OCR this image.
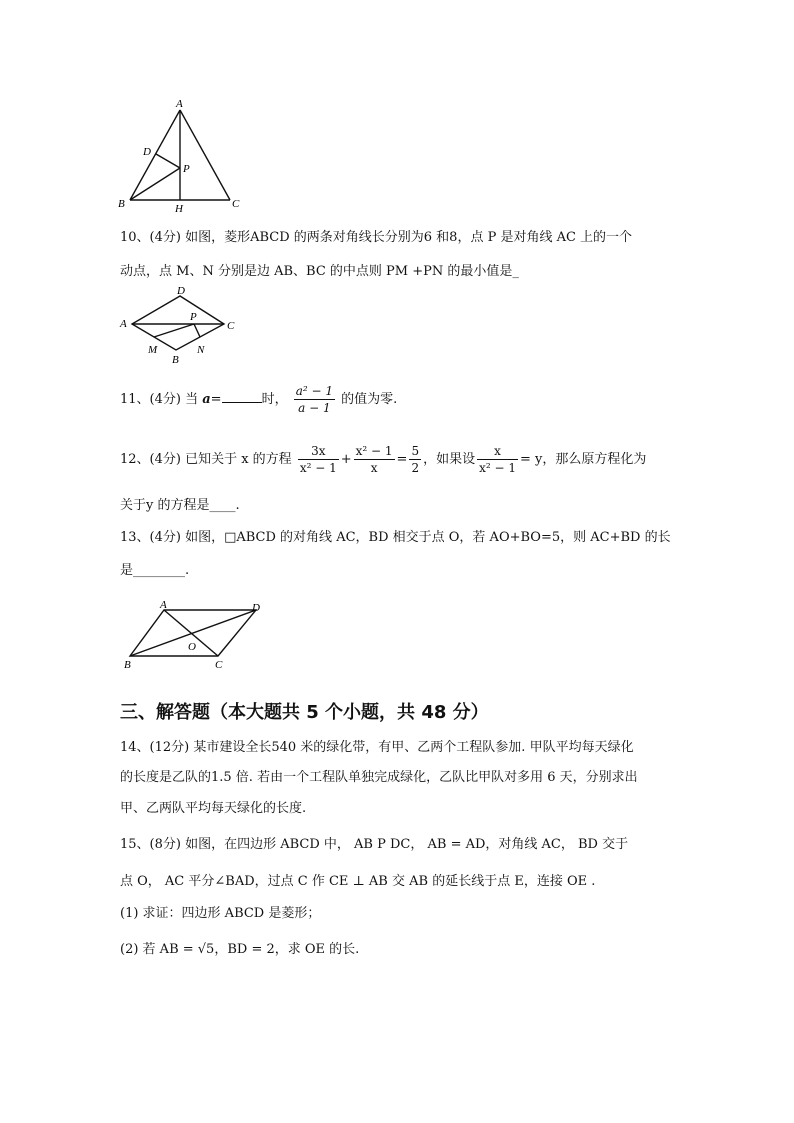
A
D
P
B	H	C
10、(4分) 如图，菱形ABCD 的两条对角线长分别为6 和8，点 P 是对角线 AC 上的一个
动点，点 M、N 分别是边 AB、BC 的中点则 PM +PN 的最小值是_
D
A
P
C
M	N
B
11、(4分) 当 a=	时， $\frac{\text{a² − 1}}{a - 1}$ 的值为零.
12、(4分) 已知关于 x 的方程 $\frac{3x}{\text{x² − 1}} + \frac{\text{x² − 1}}{x} = \frac{5}{2}$ ，如果设 $\frac{x}{\text{x² − 1}} = y$，那么原方程化为
关于y 的方程是____.
13、(4分) 如图，□ABCD 的对角线 AC，BD 相交于点 O，若 AO+BO=5，则 AC+BD 的长
是________.
A	D
O
B	C
三、解答题（本大题共 5 个小题，共 48 分）
14、(12分) 某市建设全长540 米的绿化带，有甲、乙两个工程队参加. 甲队平均每天绿化
的长度是乙队的1.5 倍. 若由一个工程队单独完成绿化，乙队比甲队对多用 6 天，分别求出
甲、乙两队平均每天绿化的长度.
15、(8分) 如图，在四边形 ABCD 中， AB P DC， AB = AD，对角线 AC， BD 交于
点 O， AC 平分∠BAD，过点 C 作 CE ⊥ AB 交 AB 的延长线于点 E，连接 OE .
(1) 求证：四边形 ABCD 是菱形；
(2) 若 AB = √5，BD = 2，求 OE 的长.
